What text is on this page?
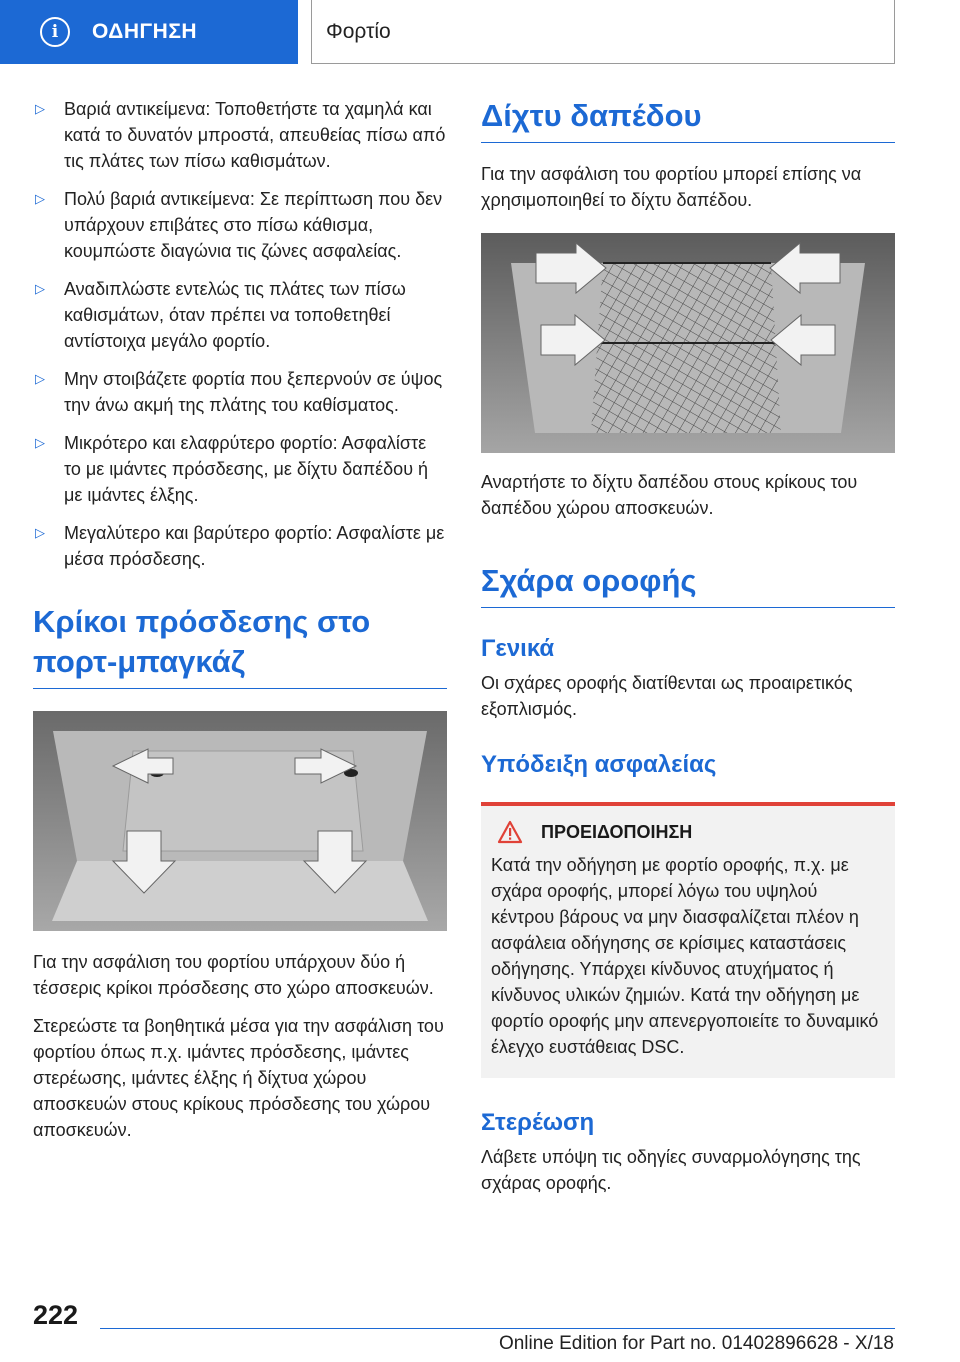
i	ΟΔΗΓΗΣΗ	Φορτίο
▷ Βαριά αντικείμενα: Τοποθετήστε τα χαμηλά και κατά το δυνατόν μπροστά, απευθείας πίσω από τις πλάτες των πίσω καθισμάτων.
▷ Πολύ βαριά αντικείμενα: Σε περίπτωση που δεν υπάρχουν επιβάτες στο πίσω κάθισμα, κουμπώστε διαγώνια τις ζώνες ασφαλείας.
▷ Αναδιπλώστε εντελώς τις πλάτες των πίσω καθισμάτων, όταν πρέπει να τοποθετηθεί αντίστοιχα μεγάλο φορτίο.
▷ Μην στοιβάζετε φορτία που ξεπερνούν σε ύψος την άνω ακμή της πλάτης του καθίσματος.
▷ Μικρότερο και ελαφρύτερο φορτίο: Ασφαλίστε το με ιμάντες πρόσδεσης, με δίχτυ δαπέδου ή με ιμάντες έλξης.
▷ Μεγαλύτερο και βαρύτερο φορτίο: Ασφαλίστε με μέσα πρόσδεσης.
Κρίκοι πρόσδεσης στο πορτ-μπαγκάζ

Για την ασφάλιση του φορτίου υπάρχουν δύο ή τέσσερις κρίκοι πρόσδεσης στο χώρο αποσκευών.

Στερεώστε τα βοηθητικά μέσα για την ασφάλιση του φορτίου όπως π.χ. ιμάντες πρόσδεσης, ιμάντες στερέωσης, ιμάντες έλξης ή δίχτυα χώρου αποσκευών στους κρίκους πρόσδεσης του χώρου αποσκευών.

Δίχτυ δαπέδου

Για την ασφάλιση του φορτίου μπορεί επίσης να χρησιμοποιηθεί το δίχτυ δαπέδου.

Αναρτήστε το δίχτυ δαπέδου στους κρίκους του δαπέδου χώρου αποσκευών.

Σχάρα οροφής
Γενικά

Οι σχάρες οροφής διατίθενται ως προαιρετικός εξοπλισμός.

Υπόδειξη ασφαλείας
ΠΡΟΕΙΔΟΠΟΙΗΣΗ
Κατά την οδήγηση με φορτίο οροφής, π.χ. με σχάρα οροφής, μπορεί λόγω του υψηλού κέντρου βάρους να μην διασφαλίζεται πλέον η ασφάλεια οδήγησης σε κρίσιμες καταστάσεις οδήγησης. Υπάρχει κίνδυνος ατυχήματος ή κίνδυνος υλικών ζημιών. Κατά την οδήγηση με φορτίο οροφής μην απενεργοποιείτε το δυναμικό έλεγχο ευστάθειας DSC.
Στερέωση

Λάβετε υπόψη τις οδηγίες συναρμολόγησης της σχάρας οροφής.

222
Online Edition for Part no. 01402896628 - X/18
